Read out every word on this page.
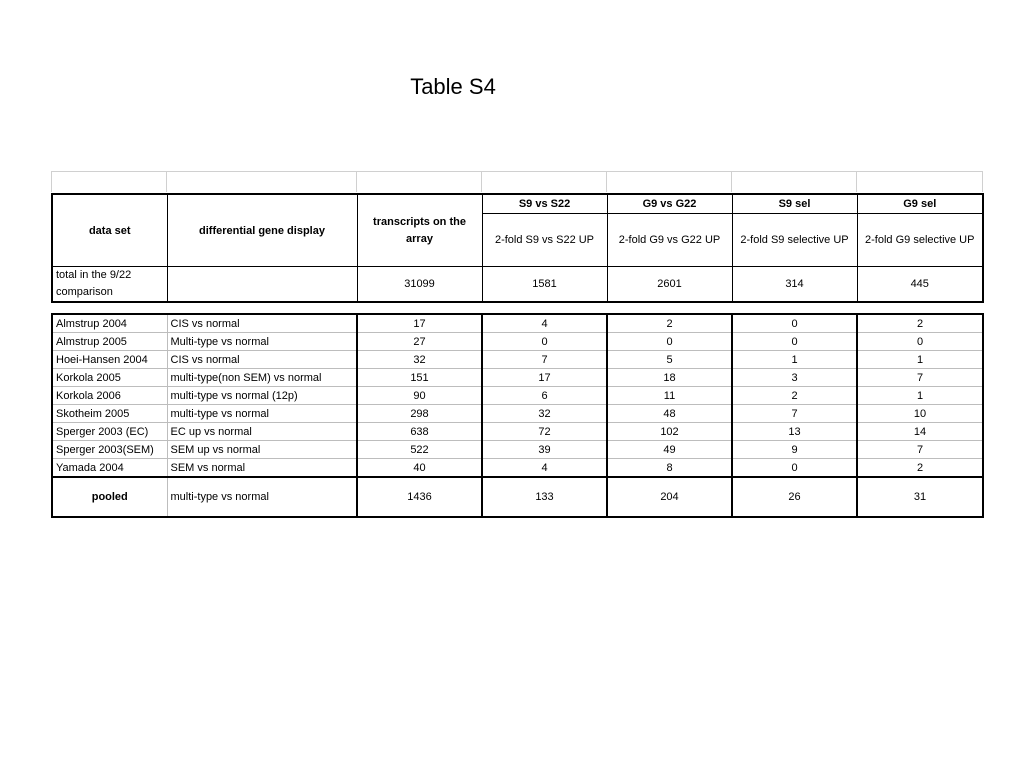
Table S4

data set	differential gene display	transcripts on the array	S9 vs S22	G9 vs G22	S9 sel	G9 sel
			2-fold S9 vs S22 UP	2-fold G9 vs G22 UP	2-fold S9 selective UP	2-fold G9 selective UP
total in the 9/22 comparison		31099	1581	2601	314	445
Almstrup 2004	CIS vs normal	17	4	2	0	2
Almstrup 2005	Multi-type vs normal	27	0	0	0	0
Hoei-Hansen 2004	CIS vs normal	32	7	5	1	1
Korkola 2005	multi-type(non SEM) vs normal	151	17	18	3	7
Korkola 2006	multi-type vs normal (12p)	90	6	11	2	1
Skotheim 2005	multi-type vs normal	298	32	48	7	10
Sperger 2003 (EC)	EC up vs normal	638	72	102	13	14
Sperger 2003(SEM)	SEM up vs normal	522	39	49	9	7
Yamada 2004	SEM vs normal	40	4	8	0	2
pooled	multi-type vs normal	1436	133	204	26	31
